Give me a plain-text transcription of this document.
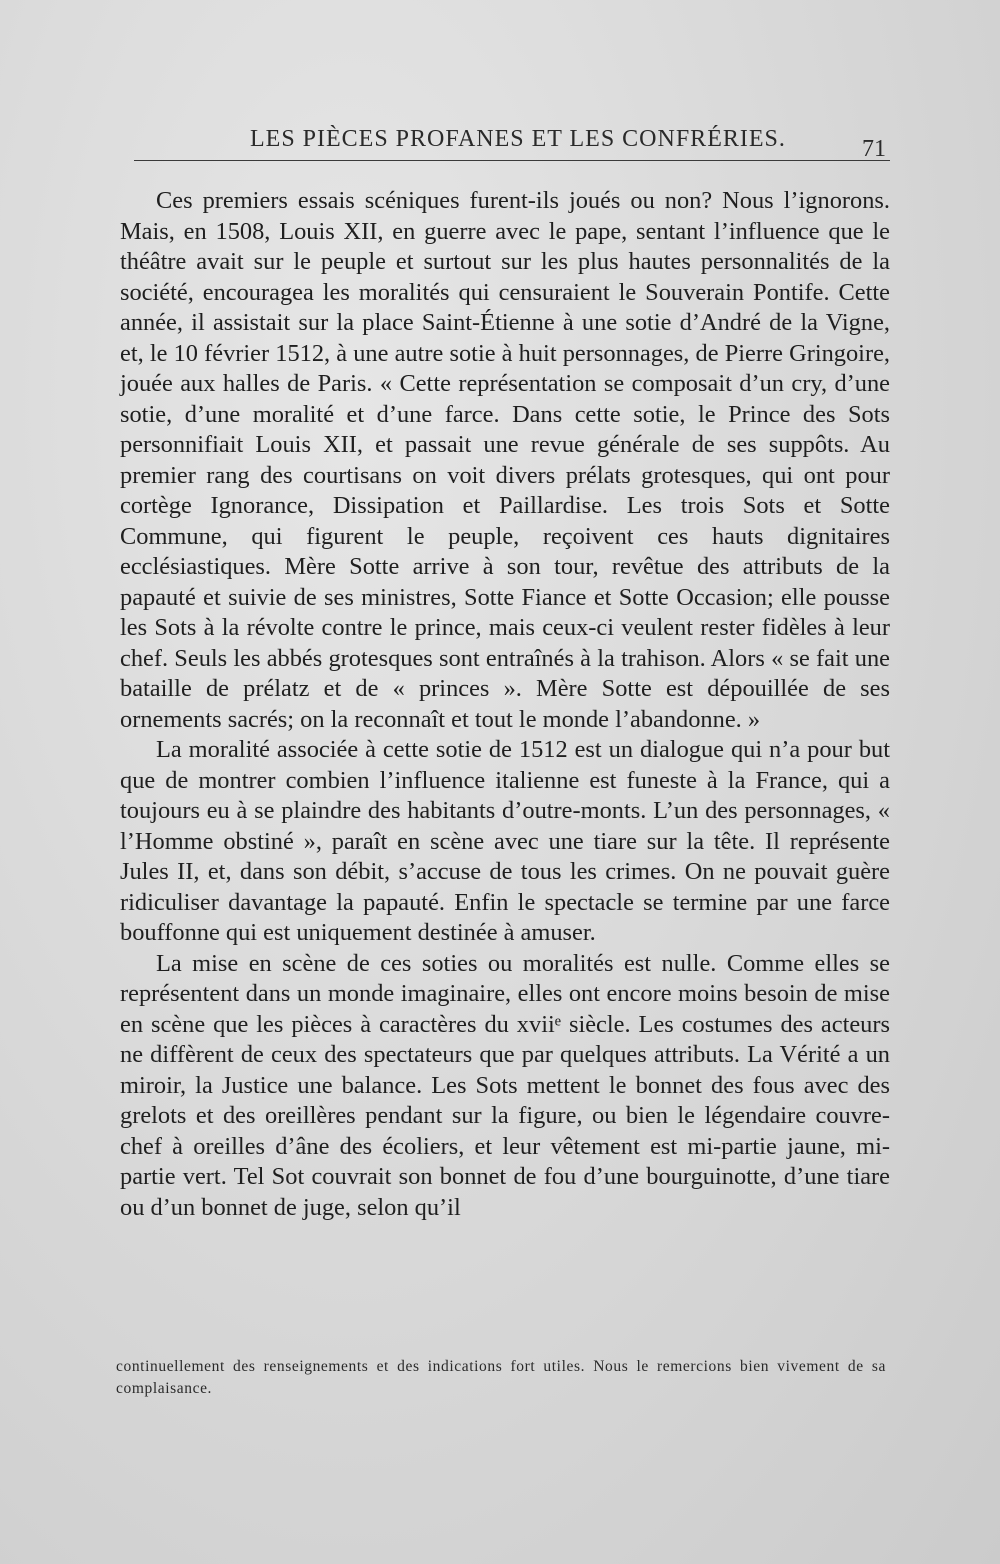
LES PIÈCES PROFANES ET LES CONFRÉRIES.	71

Ces premiers essais scéniques furent-ils joués ou non? Nous l’ignorons. Mais, en 1508, Louis XII, en guerre avec le pape, sentant l’influence que le théâtre avait sur le peuple et surtout sur les plus hautes personnalités de la société, encouragea les moralités qui censuraient le Souverain Pontife. Cette année, il assistait sur la place Saint-Étienne à une sotie d’André de la Vigne, et, le 10 février 1512, à une autre sotie à huit personnages, de Pierre Gringoire, jouée aux halles de Paris. « Cette représentation se composait d’un cry, d’une sotie, d’une moralité et d’une farce. Dans cette sotie, le Prince des Sots personnifiait Louis XII, et passait une revue générale de ses suppôts. Au premier rang des courtisans on voit divers prélats grotesques, qui ont pour cortège Ignorance, Dissipation et Paillardise. Les trois Sots et Sotte Commune, qui figurent le peuple, reçoivent ces hauts dignitaires ecclésiastiques. Mère Sotte arrive à son tour, revêtue des attributs de la papauté et suivie de ses ministres, Sotte Fiance et Sotte Occasion; elle pousse les Sots à la révolte contre le prince, mais ceux-ci veulent rester fidèles à leur chef. Seuls les abbés grotesques sont entraînés à la trahison. Alors « se fait une bataille de prélatz et de « princes ». Mère Sotte est dépouillée de ses ornements sacrés; on la reconnaît et tout le monde l’abandonne. »

La moralité associée à cette sotie de 1512 est un dialogue qui n’a pour but que de montrer combien l’influence italienne est funeste à la France, qui a toujours eu à se plaindre des habitants d’outre-monts. L’un des personnages, « l’Homme obstiné », paraît en scène avec une tiare sur la tête. Il représente Jules II, et, dans son débit, s’accuse de tous les crimes. On ne pouvait guère ridiculiser davantage la papauté. Enfin le spectacle se termine par une farce bouffonne qui est uniquement destinée à amuser.

La mise en scène de ces soties ou moralités est nulle. Comme elles se représentent dans un monde imaginaire, elles ont encore moins besoin de mise en scène que les pièces à caractères du xviiᵉ siècle. Les costumes des acteurs ne diffèrent de ceux des spectateurs que par quelques attributs. La Vérité a un miroir, la Justice une balance. Les Sots mettent le bonnet des fous avec des grelots et des oreillères pendant sur la figure, ou bien le légendaire couvre-chef à oreilles d’âne des écoliers, et leur vêtement est mi-partie jaune, mi-partie vert. Tel Sot couvrait son bonnet de fou d’une bourguinotte, d’une tiare ou d’un bonnet de juge, selon qu’il

continuellement des renseignements et des indications fort utiles. Nous le remercions bien vivement de sa complaisance.
